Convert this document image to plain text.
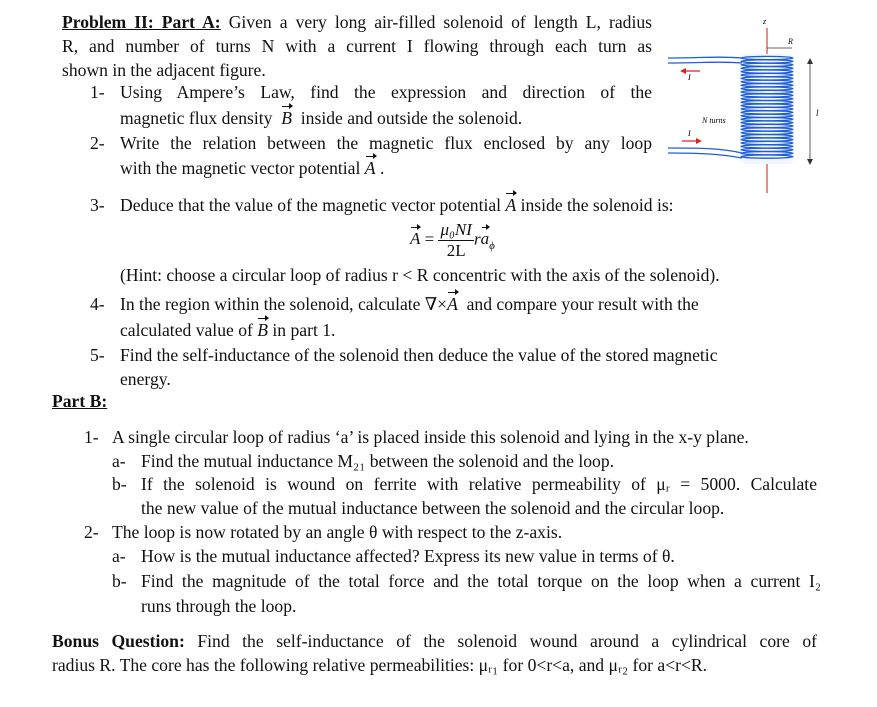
Problem II: Part A: Given a very long air-filled solenoid of length L, radius
R, and number of turns N with a current I flowing through each turn as
shown in the adjacent figure.
1- Using Ampere’s Law, find the expression and direction of the
magnetic flux density B inside and outside the solenoid.
2- Write the relation between the magnetic flux enclosed by any loop
with the magnetic vector potential A .
3- Deduce that the value of the magnetic vector potential A inside the solenoid is:
$A = \frac{\text{μ₀NI}}{2L} ra_\phi$
(Hint: choose a circular loop of radius r < R concentric with the axis of the solenoid).
4- In the region within the solenoid, calculate ∇×A and compare your result with the
calculated value of B in part 1.
5- Find the self-inductance of the solenoid then deduce the value of the stored magnetic
energy.
Part B:
1- A single circular loop of radius ‘a’ is placed inside this solenoid and lying in the x-y plane.
a- Find the mutual inductance M₂₁ between the solenoid and the loop.
b- If the solenoid is wound on ferrite with relative permeability of μᵣ = 5000. Calculate
the new value of the mutual inductance between the solenoid and the circular loop.
2- The loop is now rotated by an angle θ with respect to the z-axis.
a- How is the mutual inductance affected? Express its new value in terms of θ.
b- Find the magnitude of the total force and the total torque on the loop when a current I₂
runs through the loop.
Bonus Question: Find the self-inductance of the solenoid wound around a cylindrical core of
radius R. The core has the following relative permeabilities: μᵣ₁ for 0<r<a, and μᵣ₂ for a<r<R.
z
R
l
N turns
I
I
